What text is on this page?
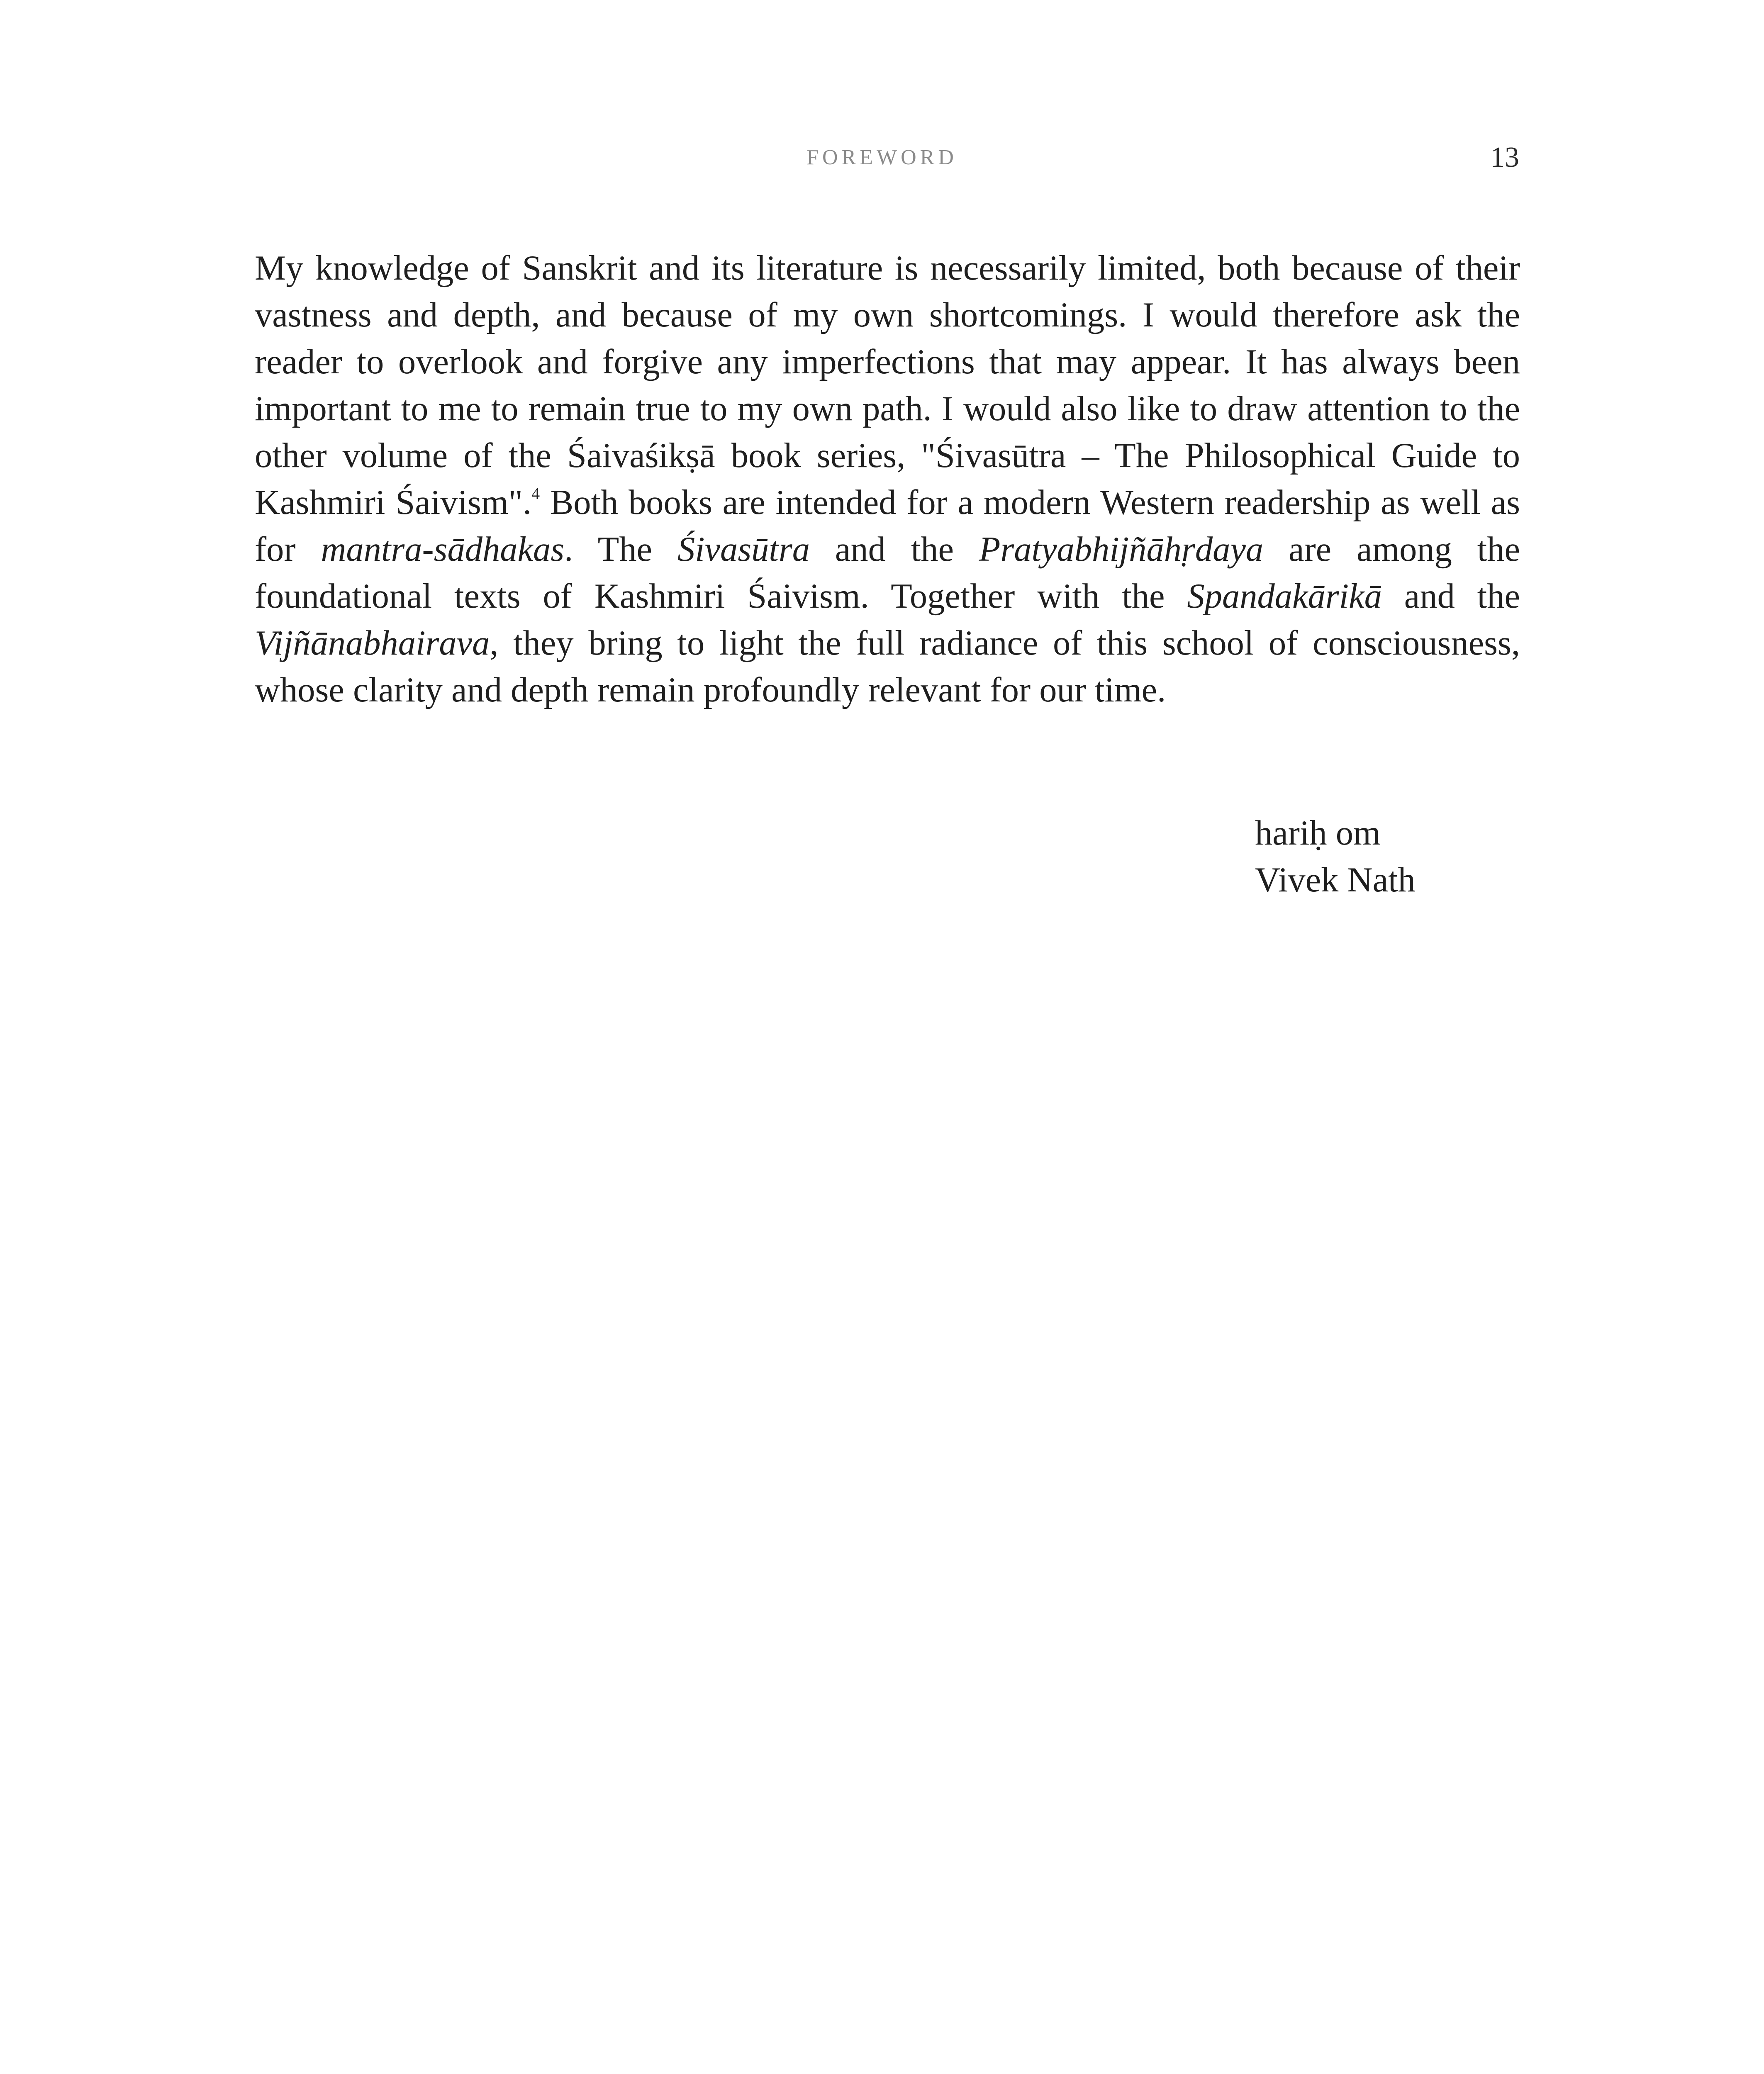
FOREWORD	13

My knowledge of Sanskrit and its literature is necessarily limited, both because of their vastness and depth, and because of my own shortcomings. I would therefore ask the reader to overlook and forgive any imperfections that may appear. It has always been important to me to remain true to my own path. I would also like to draw attention to the other volume of the Śaivaśikṣā book series, "Śivasūtra – The Philosophical Guide to Kashmiri Śaivism".$^4$ Both books are intended for a modern Western readership as well as for mantra-sādhakas. The Śivasūtra and the Pratyabhijñāhṛdaya are among the foundational texts of Kashmiri Śaivism. Together with the Spandakārikā and the Vijñānabhairava, they bring to light the full radiance of this school of consciousness, whose clarity and depth remain profoundly relevant for our time.

hariḥ om
Vivek Nath
